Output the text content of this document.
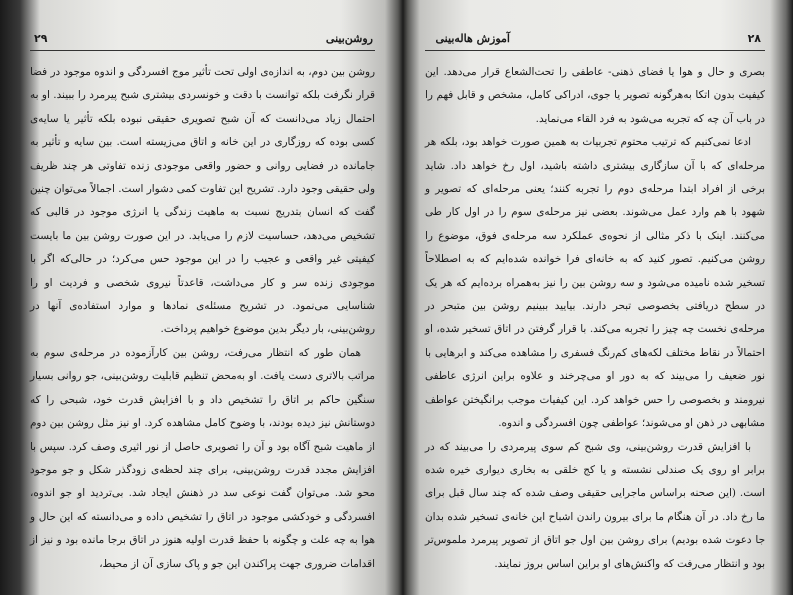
روشن‌بینی
۲۹

روشن بین دوم، به اندازه‌ی اولی تحت تأثیر موج افسردگی و اندوه موجود در فضا قرار نگرفت بلکه توانست با دقت و خونسردی بیشتری شبح پیرمرد را ببیند. او به احتمال زیاد می‌دانست که آن شبح تصویری حقیقی نبوده بلکه تأثیر یا سایه‌ی کسی بوده که روزگاری در این خانه و اتاق می‌زیسته است. بین سایه و تأثیر به جامانده در فضایی روانی و حضور واقعی موجودی زنده تفاوتی هر چند ظریف ولی حقیقی وجود دارد. تشریح این تفاوت کمی دشوار است. اجمالاً می‌توان چنین گفت که انسان بتدریج نسبت به ماهیت زندگی یا انرژی موجود در قالبی که تشخیص می‌دهد، حساسیت لازم را می‌یابد. در این صورت روشن بین ما بایست کیفیتی غیر واقعی و عجیب را در این موجود حس می‌کرد؛ در حالی‌که اگر با موجودی زنده سر و کار می‌داشت، قاعدتاً نیروی شخصی و فردیت او را شناسایی می‌نمود. در تشریح مسئله‌ی نمادها و موارد استفاده‌ی آنها در روشن‌بینی، بار دیگر بدین موضوع خواهیم پرداخت.

همان طور که انتظار می‌رفت، روشن بین کارآزموده در مرحله‌ی سوم به مراتب بالاتری دست یافت. او به‌محض تنظیم قابلیت روشن‌بینی، جو روانی بسیار سنگین حاکم بر اتاق را تشخیص داد و با افزایش قدرت خود، شبحی را که دوستانش نیز دیده بودند، با وضوح کامل مشاهده کرد. او نیز مثل روشن بین دوم از ماهیت شبح آگاه بود و آن را تصویری حاصل از نور اثیری وصف کرد. سپس با افزایش مجدد قدرت روشن‌بینی، برای چند لحظه‌ی زودگذر شکل و جو موجود محو شد. می‌توان گفت نوعی سد در ذهنش ایجاد شد. بی‌تردید او جو اندوه، افسردگی و خودکشی موجود در اتاق را تشخیص داده و می‌دانسته که این حال و هوا به چه علت و چگونه با حفظ قدرت اولیه هنوز در اتاق برجا مانده بود و نیز از اقدامات ضروری جهت پراکندن این جو و پاک سازی آن از محیط،

آموزش هاله‌بینی	۲۸

بصری و حال و هوا یا فضای ذهنی- عاطفی را تحت‌الشعاع قرار می‌دهد. این کیفیت بدون اتکا به‌هرگونه تصویر یا جوی، ادراکی کامل، مشخص و قابل فهم را در باب آن چه که تجربه می‌شود به فرد القاء می‌نماید.

ادعا نمی‌کنیم که ترتیب محتوم تجربیات به همین صورت خواهد بود، بلکه هر مرحله‌ای که با آن سازگاری بیشتری داشته باشید، اول رخ خواهد داد. شاید برخی از افراد ابتدا مرحله‌ی دوم را تجربه کنند؛ یعنی مرحله‌ای که تصویر و شهود با هم وارد عمل می‌شوند. بعضی نیز مرحله‌ی سوم را در اول کار طی می‌کنند. اینک با ذکر مثالی از نحوه‌ی عملکرد سه مرحله‌ی فوق، موضوع را روشن می‌کنیم. تصور کنید که به خانه‌ای فرا خوانده شده‌ایم که به اصطلاحاً تسخیر شده نامیده می‌شود و سه روشن بین را نیز به‌همراه برده‌ایم که هر یک در سطح دریافتی بخصوصی تبحر دارند. بیایید ببینیم روشن بین متبحر در مرحله‌ی نخست چه چیز را تجربه می‌کند. با قرار گرفتن در اتاق تسخیر شده، او احتمالاً در نقاط مختلف لکه‌های کم‌رنگ فسفری را مشاهده می‌کند و ابرهایی با نور ضعیف را می‌بیند که به دور او می‌چرخند و علاوه براین انرژی عاطفی نیرومند و بخصوصی را حس خواهد کرد. این کیفیات موجب برانگیختن عواطف مشابهی در ذهن او می‌شوند؛ عواطفی چون افسردگی و اندوه.

با افزایش قدرت روشن‌بینی، وی شبح کم سوی پیرمردی را می‌بیند که در برابر او روی یک صندلی نشسته و یا کج خلقی به بخاری دیواری خیره شده است. (این صحنه براساس ماجرایی حقیقی وصف شده که چند سال قبل برای ما رخ داد. در آن هنگام ما برای بیرون راندن اشباح این خانه‌ی تسخیر شده بدان جا دعوت شده بودیم) برای روشن بین اول جو اتاق از تصویر پیرمرد ملموس‌تر بود و انتظار می‌رفت که واکنش‌های او براین اساس بروز نمایند.
